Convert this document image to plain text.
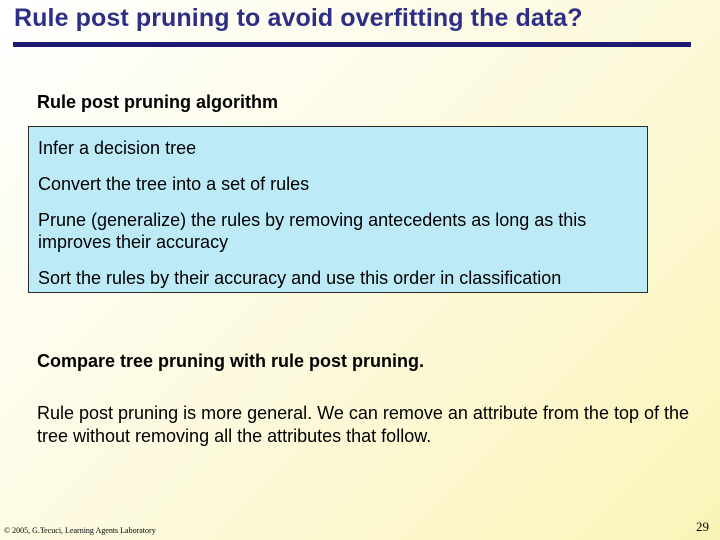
Rule post pruning to avoid overfitting the data?
Rule post pruning algorithm
Infer a decision tree
Convert the tree into a set of rules
Prune (generalize) the rules by removing antecedents as long as this improves their accuracy
Sort the rules by their accuracy and use this order in classification
Compare tree pruning with rule post pruning.
Rule post pruning is more general. We can remove an attribute from the top of the tree without removing all the attributes that follow.
© 2005, G.Tecuci, Learning Agents Laboratory	29
